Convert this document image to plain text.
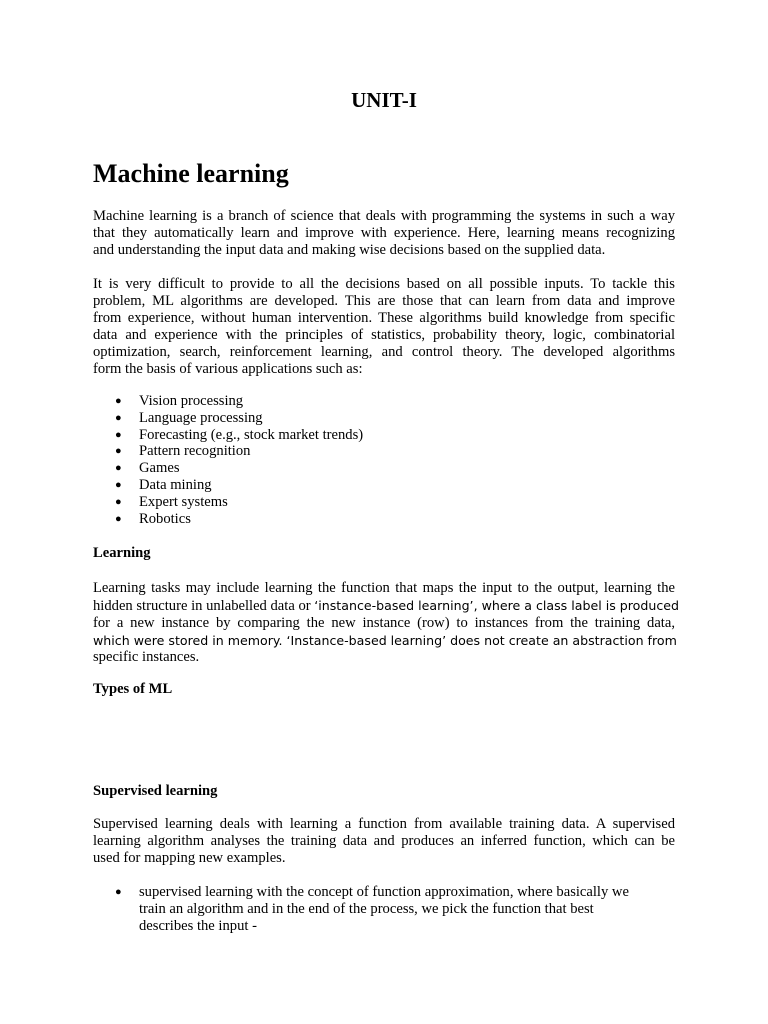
UNIT-I
Machine learning

Machine learning is a branch of science that deals with programming the systems in such a way
that they automatically learn and improve with experience. Here, learning means recognizing
and understanding the input data and making wise decisions based on the supplied data.

It is very difficult to provide to all the decisions based on all possible inputs. To tackle this
problem, ML algorithms are developed. This are those that can learn from data and improve
from experience, without human intervention. These algorithms build knowledge from specific
data and experience with the principles of statistics, probability theory, logic, combinatorial
optimization, search, reinforcement learning, and control theory. The developed algorithms
form the basis of various applications such as:

● Vision processing
● Language processing
● Forecasting (e.g., stock market trends)
● Pattern recognition
● Games
● Data mining
● Expert systems
● Robotics
Learning

Learning tasks may include learning the function that maps the input to the output, learning the
hidden structure in unlabelled data or ‘instance-based learning’, where a class label is produced
for a new instance by comparing the new instance (row) to instances from the training data,
which were stored in memory. ‘Instance-based learning’ does not create an abstraction from
specific instances.

Types of ML
Supervised learning

Supervised learning deals with learning a function from available training data. A supervised
learning algorithm analyses the training data and produces an inferred function, which can be
used for mapping new examples.

● supervised learning with the concept of function approximation, where basically we
train an algorithm and in the end of the process, we pick the function that best
describes the input -
